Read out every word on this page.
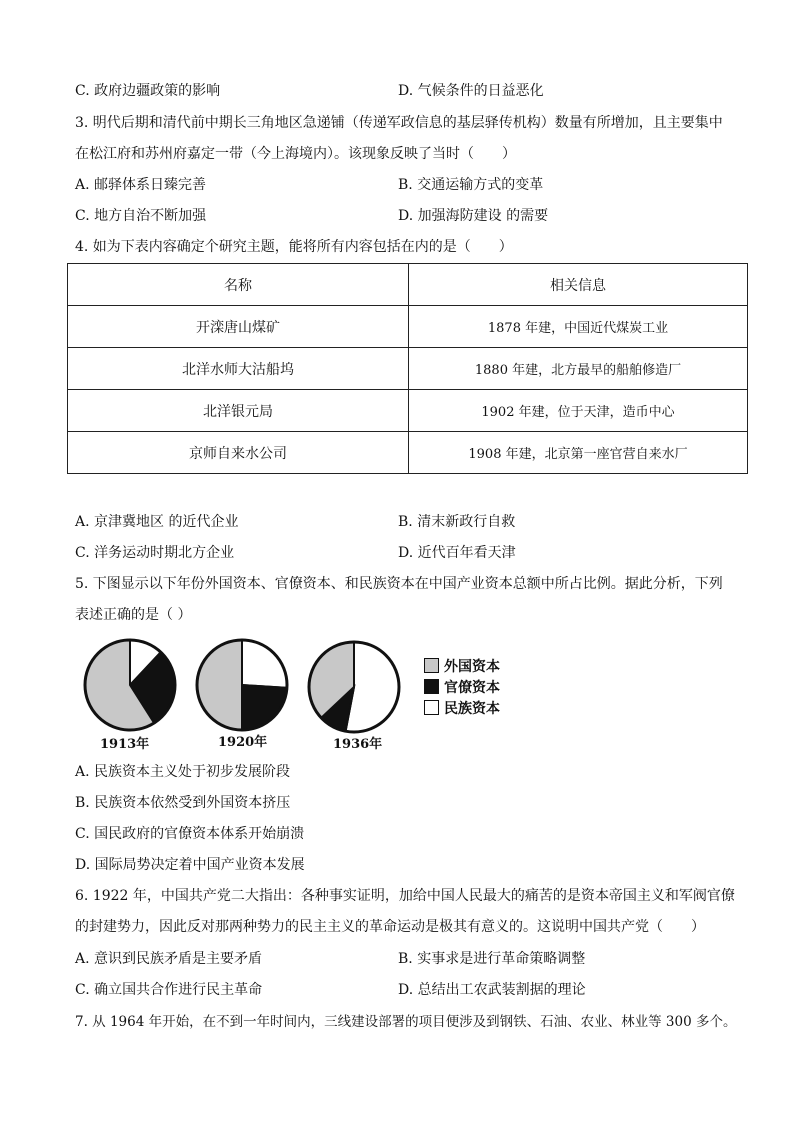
C. 政府边疆政策的影响	D. 气候条件的日益恶化
3. 明代后期和清代前中期长三角地区急递铺（传递军政信息的基层驿传机构）数量有所增加，且主要集中
在松江府和苏州府嘉定一带（今上海境内）。该现象反映了当时（　　）
A. 邮驿体系日臻完善	B. 交通运输方式的变革
C. 地方自治不断加强	D. 加强海防建设 的需要
4. 如为下表内容确定个研究主题，能将所有内容包括在内的是（　　）
名称	相关信息
开滦唐山煤矿	1878 年建，中国近代煤炭工业
北洋水师大沽船坞	1880 年建，北方最早的船舶修造厂
北洋银元局	1902 年建，位于天津，造币中心
京师自来水公司	1908 年建，北京第一座官营自来水厂
A. 京津冀地区 的近代企业	B. 清末新政行自救
C. 洋务运动时期北方企业	D. 近代百年看天津
5. 下图显示以下年份外国资本、官僚资本、和民族资本在中国产业资本总额中所占比例。据此分析，下列
表述正确的是（ ）
1913年	1920年	1936年
外国资本
官僚资本
民族资本
A. 民族资本主义处于初步发展阶段
B. 民族资本依然受到外国资本挤压
C. 国民政府的官僚资本体系开始崩溃
D. 国际局势决定着中国产业资本发展
6. 1922 年，中国共产党二大指出：各种事实证明，加给中国人民最大的痛苦的是资本帝国主义和军阀官僚
的封建势力，因此反对那两种势力的民主主义的革命运动是极其有意义的。这说明中国共产党（　　）
A. 意识到民族矛盾是主要矛盾	B. 实事求是进行革命策略调整
C. 确立国共合作进行民主革命	D. 总结出工农武装割据的理论
7. 从 1964 年开始，在不到一年时间内，三线建设部署的项目便涉及到钢铁、石油、农业、林业等 300 多个。
